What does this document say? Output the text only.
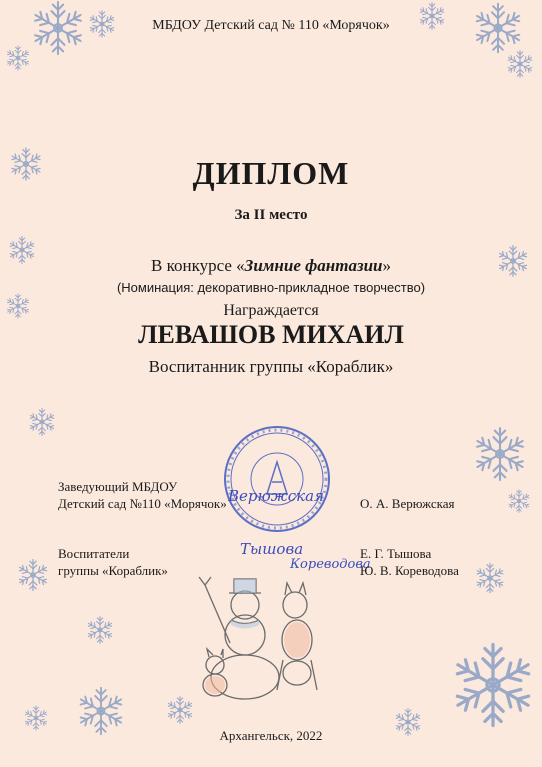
МБДОУ Детский сад № 110 «Морячок»
ДИПЛОМ
За II место
В конкурсе «Зимние фантазии»
(Номинация: декоративно-прикладное творчество)
Награждается
ЛЕВАШОВ МИХАИЛ
Воспитанник группы «Кораблик»
Заведующий МБДОУ
Детский сад №110 «Морячок» Верюжская	О. А. Верюжская
Воспитатели
группы «Кораблик»
Тышова
Кореводова
Е. Г. Тышова
Ю. В. Кореводова
Архангельск, 2022
